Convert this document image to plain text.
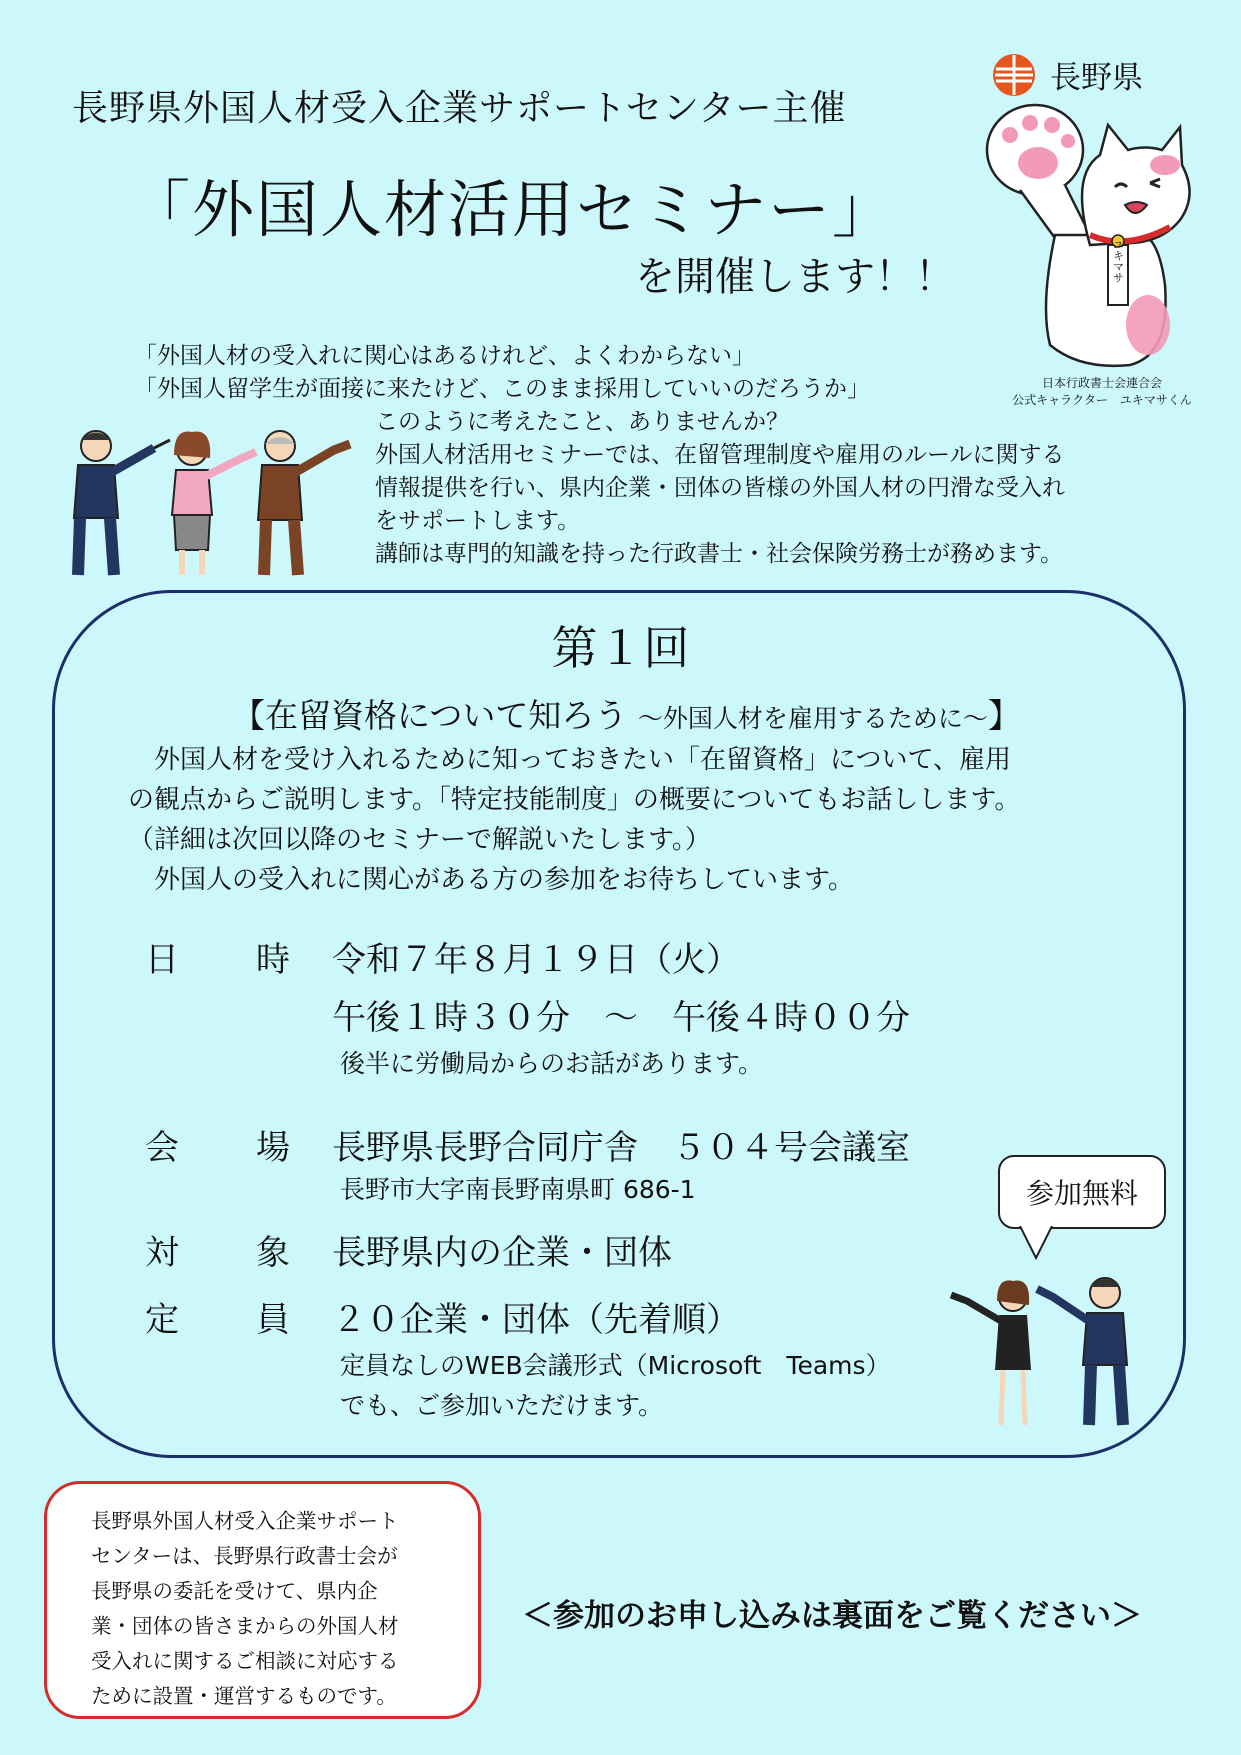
長野県
長野県外国人材受入企業サポートセンター主催
「外国人材活用セミナー」
を開催します！！	ユキマサ
日本行政書士会連合会
公式キャラクター　ユキマサくん
「外国人材の受入れに関心はあるけれど、よくわからない」
「外国人留学生が面接に来たけど、このまま採用していいのだろうか」
このように考えたこと、ありませんか？
外国人材活用セミナーでは、在留管理制度や雇用のルールに関する
情報提供を行い、県内企業・団体の皆様の外国人材の円滑な受入れ
をサポートします。
講師は専門的知識を持った行政書士・社会保険労務士が務めます。
第１回
【在留資格について知ろう ～外国人材を雇用するために～】
　外国人材を受け入れるために知っておきたい「在留資格」について、雇用
の観点からご説明します。「特定技能制度」の概要についてもお話しします。
（詳細は次回以降のセミナーで解説いたします。）
　外国人の受入れに関心がある方の参加をお待ちしています。
日 時 令和７年８月１９日（火）
午後１時３０分　～　午後４時００分
後半に労働局からのお話があります。
会 場 長野県長野合同庁舎　５０４号会議室
長野市大字南長野南県町 686-1
対 象 長野県内の企業・団体
定 員 ２０企業・団体（先着順）
定員なしのWEB会議形式（Microsoft　Teams）
でも、ご参加いただけます。
参加無料
長野県外国人材受入企業サポート
センターは、長野県行政書士会が
長野県の委託を受けて、県内企
業・団体の皆さまからの外国人材
受入れに関するご相談に対応する
ために設置・運営するものです。
＜参加のお申し込みは裏面をご覧ください＞
